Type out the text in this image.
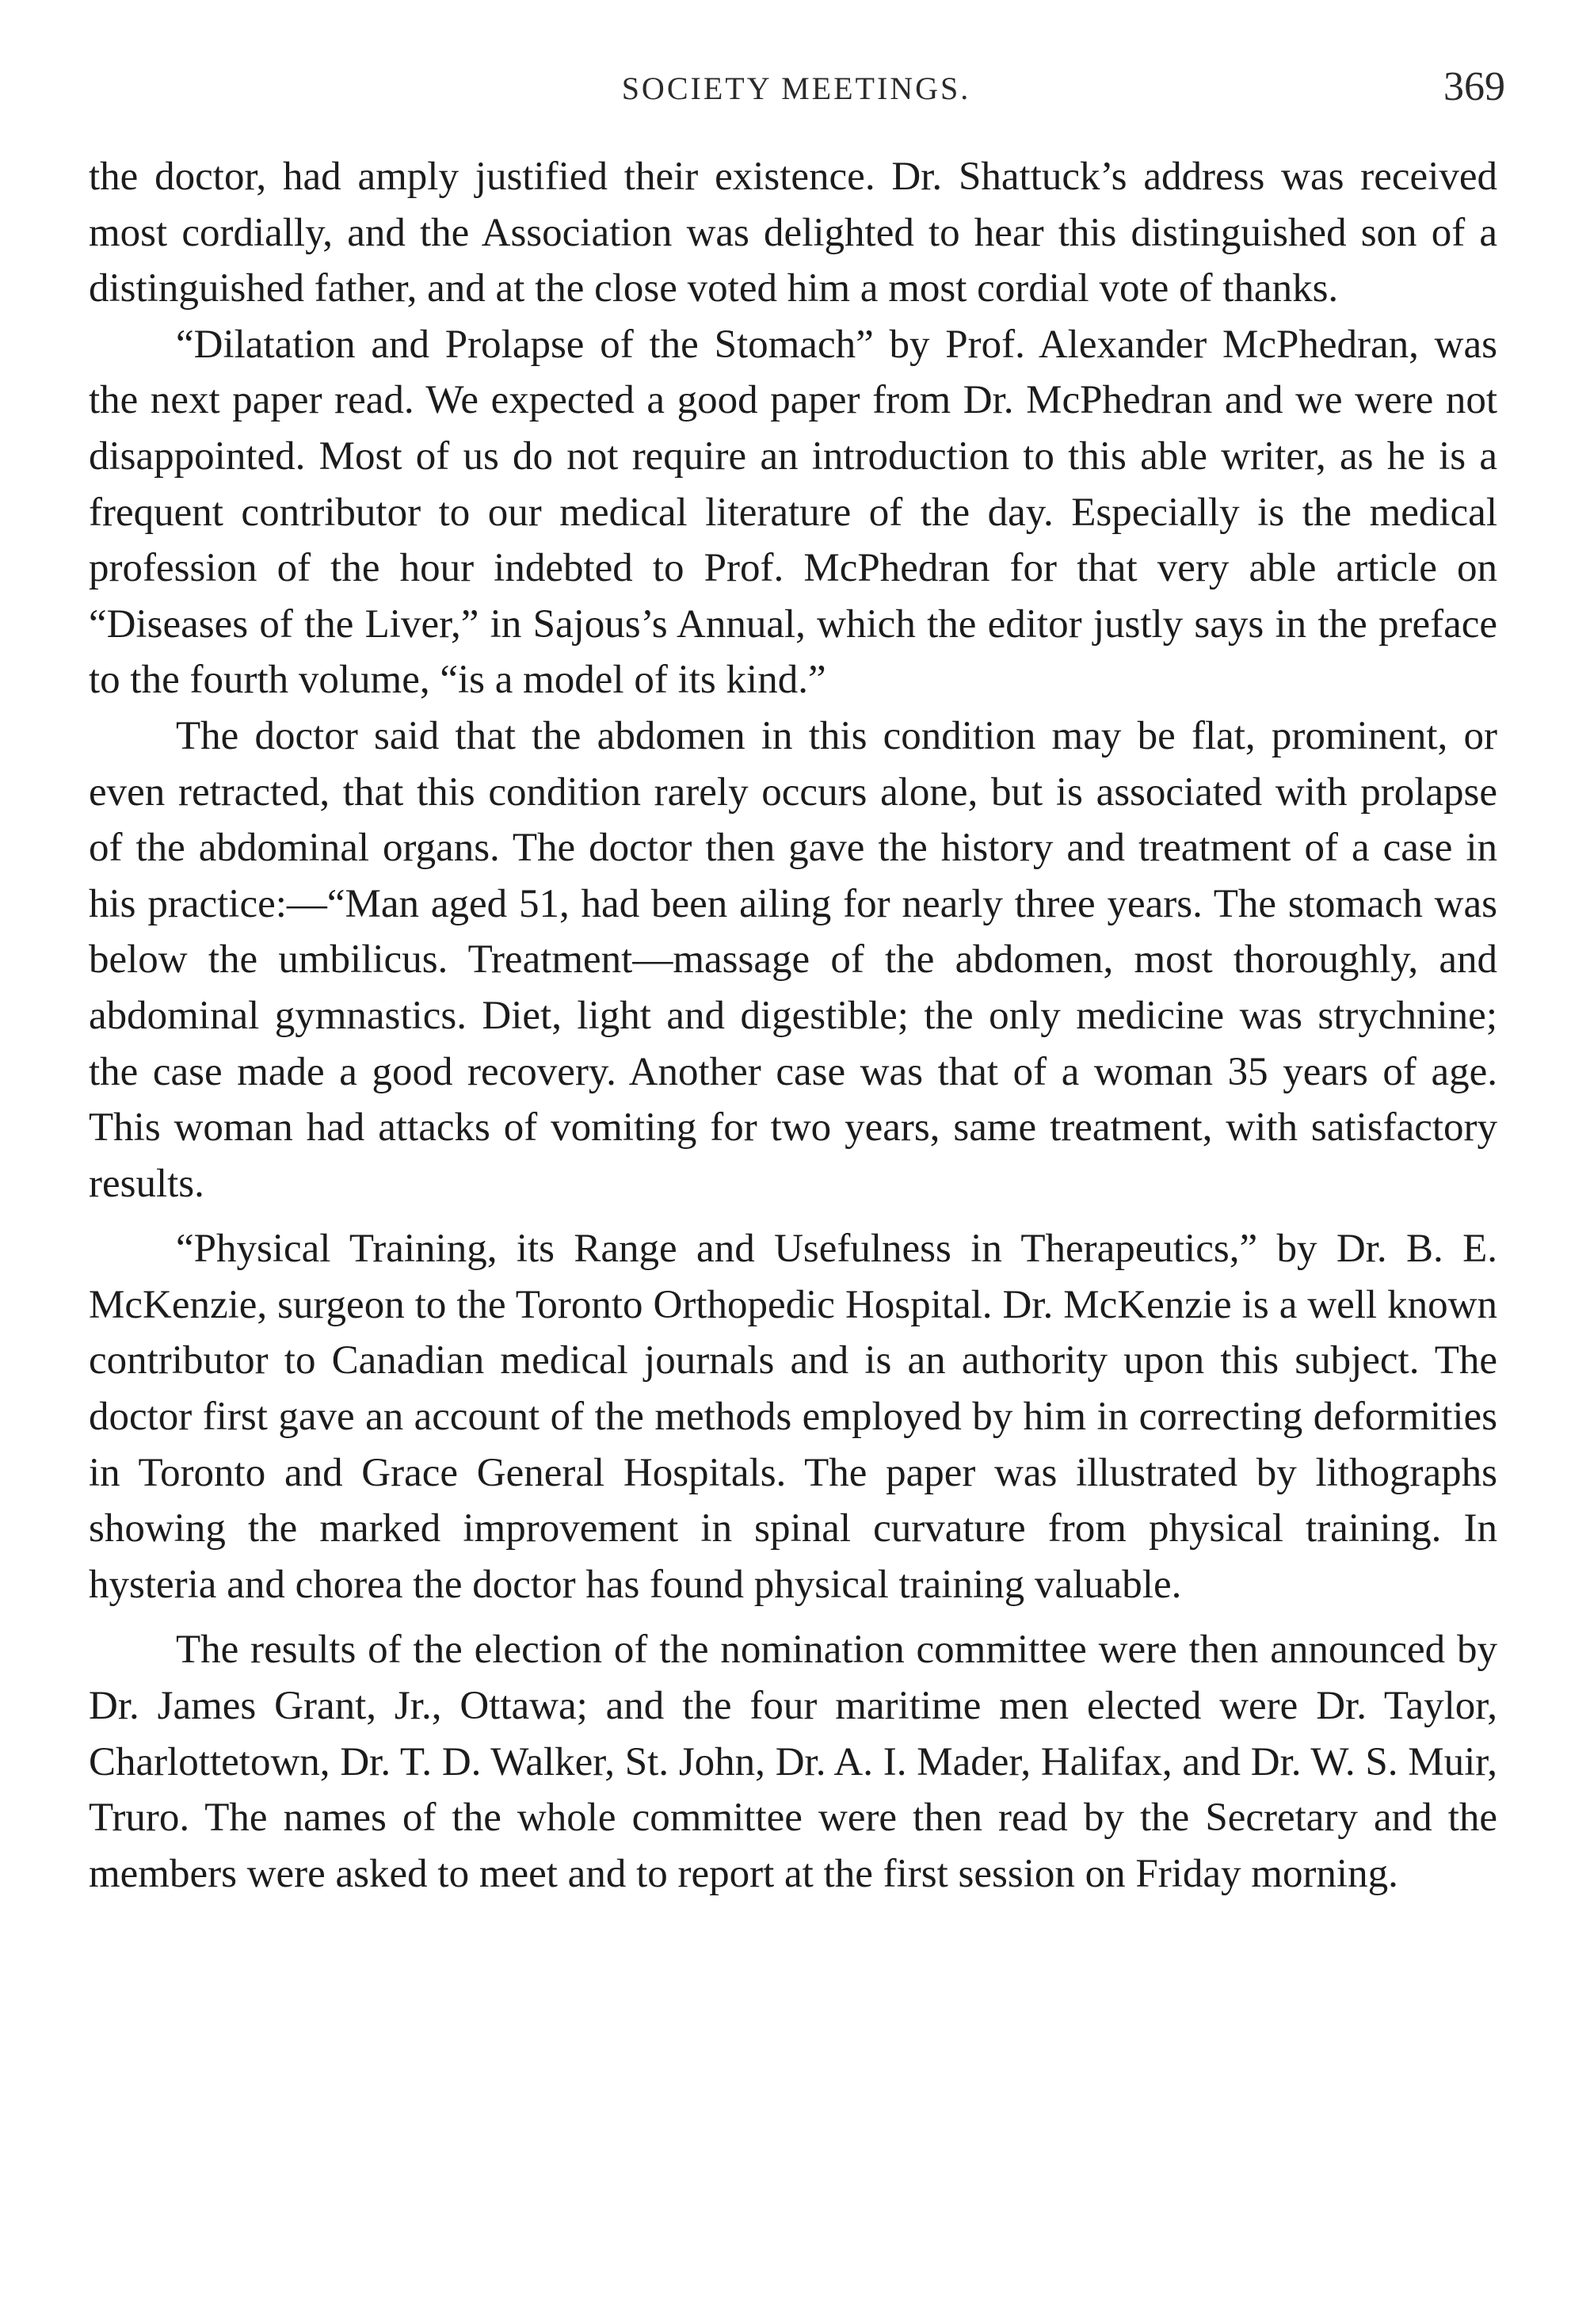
SOCIETY MEETINGS.	369

the doctor, had amply justified their existence. Dr. Shattuck’s address was received most cordially, and the Association was delighted to hear this distinguished son of a distinguished father, and at the close voted him a most cordial vote of thanks.

“Dilatation and Prolapse of the Stomach” by Prof. Alexander McPhedran, was the next paper read. We expected a good paper from Dr. McPhedran and we were not disappointed. Most of us do not require an introduction to this able writer, as he is a frequent contributor to our medical literature of the day. Especially is the medical profession of the hour indebted to Prof. McPhedran for that very able article on “Diseases of the Liver,” in Sajous’s Annual, which the editor justly says in the preface to the fourth volume, “is a model of its kind.”

The doctor said that the abdomen in this condition may be flat, prominent, or even retracted, that this condition rarely occurs alone, but is associated with prolapse of the abdominal organs. The doctor then gave the history and treatment of a case in his practice:—“Man aged 51, had been ailing for nearly three years. The stomach was below the umbilicus. Treatment—massage of the abdomen, most thoroughly, and abdominal gymnastics. Diet, light and digestible; the only medicine was strychnine; the case made a good recovery. Another case was that of a woman 35 years of age. This woman had attacks of vomiting for two years, same treatment, with satisfactory results.

“Physical Training, its Range and Usefulness in Therapeutics,” by Dr. B. E. McKenzie, surgeon to the Toronto Orthopedic Hospital. Dr. McKenzie is a well known contributor to Canadian medical journals and is an authority upon this subject. The doctor first gave an account of the methods employed by him in correcting deformities in Toronto and Grace General Hospitals. The paper was illustrated by lithographs showing the marked improvement in spinal curvature from physical training. In hysteria and chorea the doctor has found physical training valuable.

The results of the election of the nomination committee were then announced by Dr. James Grant, Jr., Ottawa; and the four maritime men elected were Dr. Taylor, Charlottetown, Dr. T. D. Walker, St. John, Dr. A. I. Mader, Halifax, and Dr. W. S. Muir, Truro. The names of the whole committee were then read by the Secretary and the members were asked to meet and to report at the first session on Friday morning.
